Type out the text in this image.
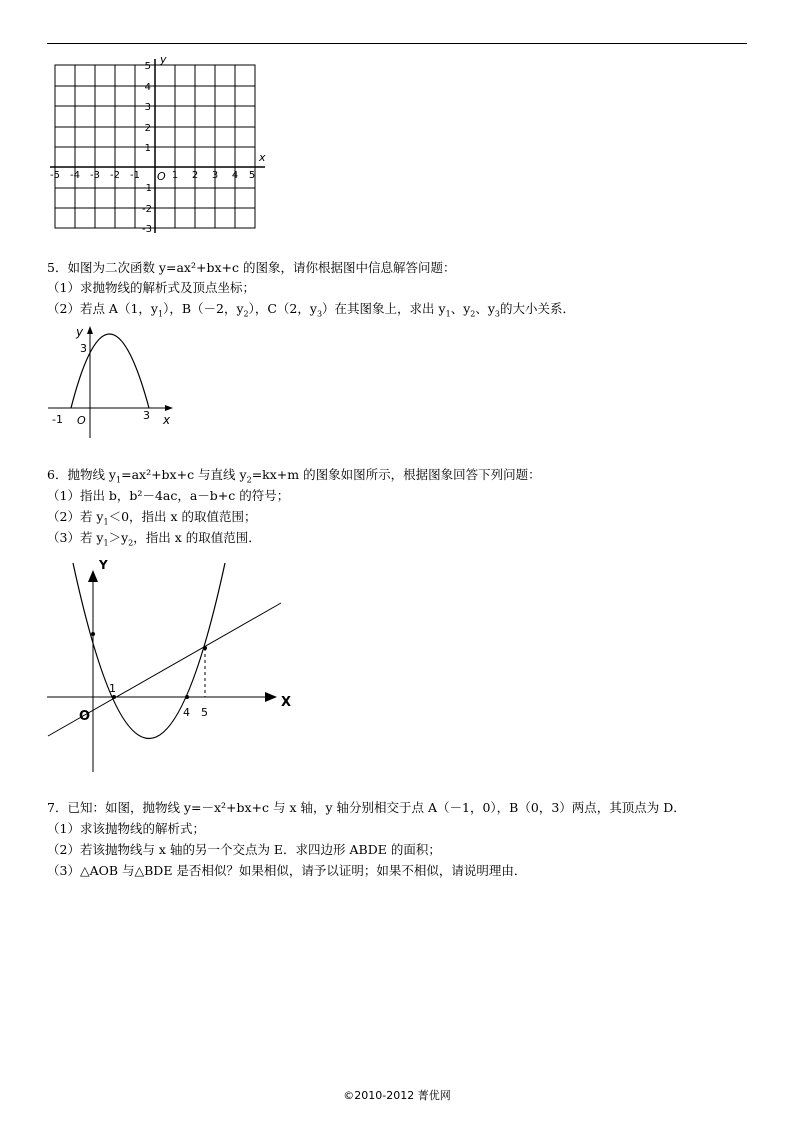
x
y
O
-5 -4 -3 -2 -1	1 2 3 4 5
5
4
3
2
1
-1
-2
-3
5．如图为二次函数 y=ax²+bx+c 的图象，请你根据图中信息解答问题：
（1）求抛物线的解析式及顶点坐标；
（2）若点 A（1，$y_1$），B（－2，$y_2$），C（2，$y_3$）在其图象上，求出 $y_1$、$y_2$、$y_3$的大小关系．
y
3
O
-1	3 x
6．抛物线 $y_1=ax^2+bx+c$ 与直线 $y_2=kx+m$ 的图象如图所示，根据图象回答下列问题：
（1）指出 b，b²－4ac，a－b+c 的符号；
（2）若 $y_1<0$，指出 x 的取值范围；
（3）若 $y_1>y_2$，指出 x 的取值范围．
Y
X
O
1
4 5
7．已知：如图，抛物线 y=－x²+bx+c 与 x 轴，y 轴分别相交于点 A（－1，0），B（0，3）两点，其顶点为 D．
（1）求该抛物线的解析式；
（2）若该抛物线与 x 轴的另一个交点为 E．求四边形 ABDE 的面积；
（3）△AOB 与△BDE 是否相似？如果相似，请予以证明；如果不相似，请说明理由．
©2010-2012 菁优网
